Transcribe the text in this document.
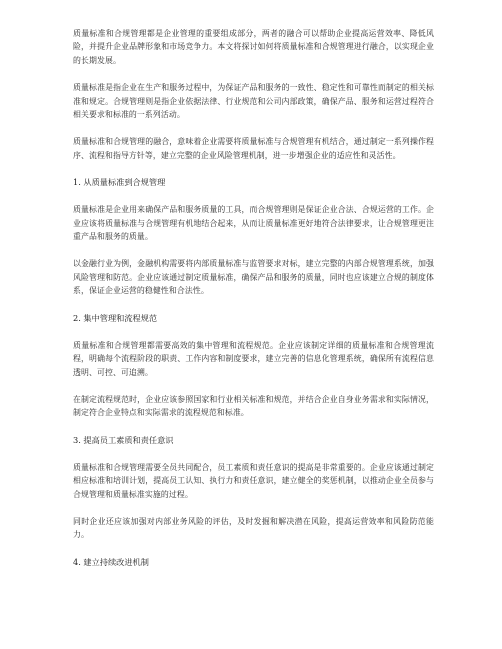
质量标准和合规管理都是企业管理的重要组成部分，两者的融合可以帮助企业提高运营效率、降低风险，并提升企业品牌形象和市场竞争力。本文将探讨如何将质量标准和合规管理进行融合，以实现企业的长期发展。

质量标准是指企业在生产和服务过程中，为保证产品和服务的一致性、稳定性和可靠性而制定的相关标准和规定。合规管理则是指企业依据法律、行业规范和公司内部政策，确保产品、服务和运营过程符合相关要求和标准的一系列活动。

质量标准和合规管理的融合，意味着企业需要将质量标准与合规管理有机结合，通过制定一系列操作程序、流程和指导方针等，建立完整的企业风险管理机制，进一步增强企业的适应性和灵活性。

1. 从质量标准到合规管理

质量标准是企业用来确保产品和服务质量的工具，而合规管理则是保证企业合法、合规运营的工作。企业应该将质量标准与合规管理有机地结合起来，从而让质量标准更好地符合法律要求，让合规管理更注重产品和服务的质量。

以金融行业为例，金融机构需要将内部质量标准与监管要求对标，建立完整的内部合规管理系统，加强风险管理和防范。企业应该通过制定质量标准，确保产品和服务的质量，同时也应该建立合规的制度体系，保证企业运营的稳健性和合法性。

2. 集中管理和流程规范

质量标准和合规管理都需要高效的集中管理和流程规范。企业应该制定详细的质量标准和合规管理流程，明确每个流程阶段的职责、工作内容和制度要求，建立完善的信息化管理系统，确保所有流程信息透明、可控、可追溯。

在制定流程规范时，企业应该参照国家和行业相关标准和规范，并结合企业自身业务需求和实际情况，制定符合企业特点和实际需求的流程规范和标准。

3. 提高员工素质和责任意识

质量标准和合规管理需要全员共同配合，员工素质和责任意识的提高是非常重要的。企业应该通过制定相应标准和培训计划，提高员工认知、执行力和责任意识，建立健全的奖惩机制，以推动企业全员参与合规管理和质量标准实施的过程。

同时企业还应该加强对内部业务风险的评估，及时发掘和解决潜在风险，提高运营效率和风险防范能力。

4. 建立持续改进机制
